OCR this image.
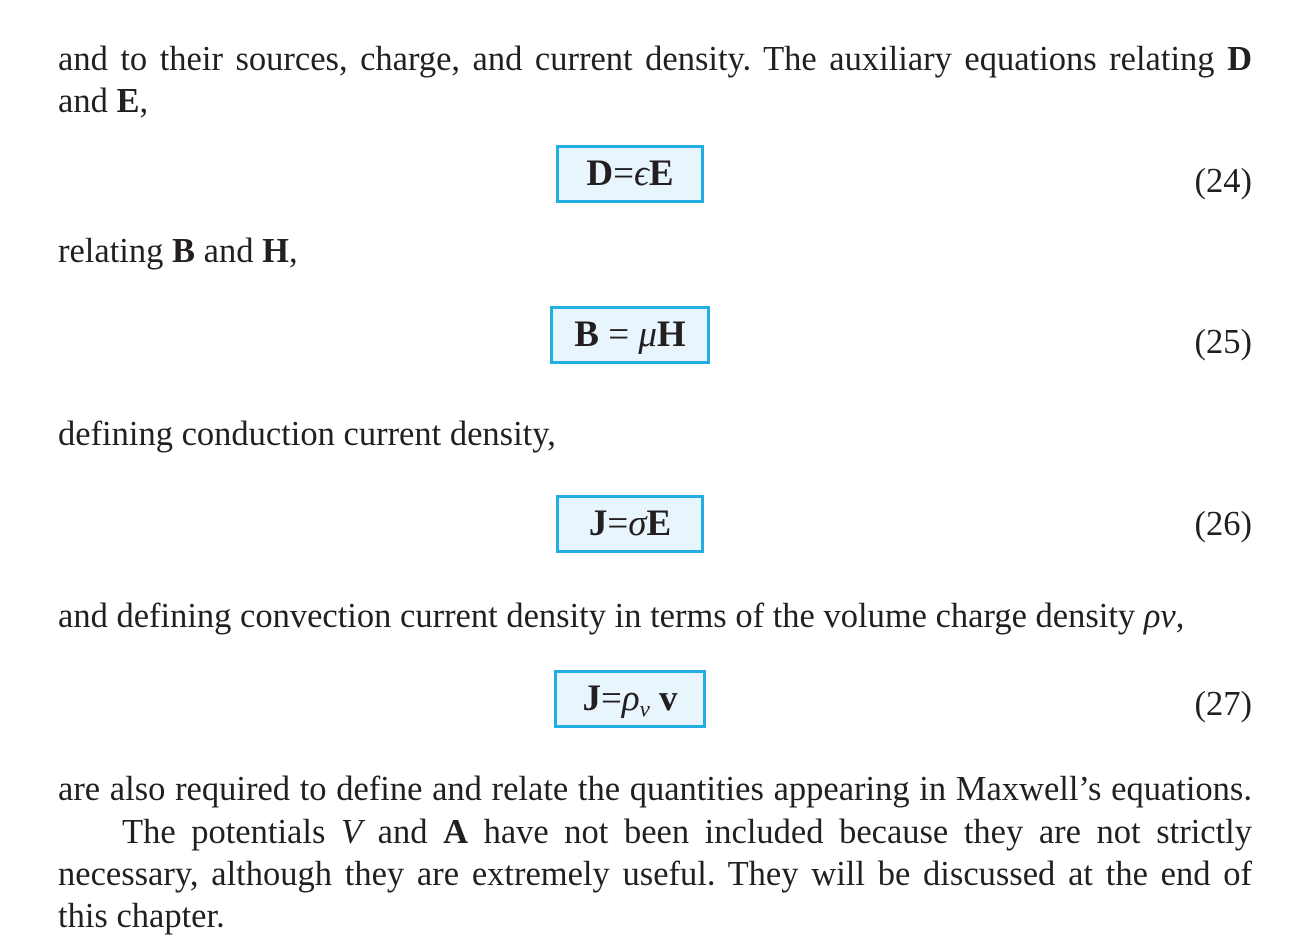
and to their sources, charge, and current density. The auxiliary equations relating D
and E,
D=ϵE	(24)
relating B and H,
B = μH	(25)
defining conduction current density,
J=σE	(26)
and defining convection current density in terms of the volume charge density ρv,
$J=\rho_v$ v	(27)
are also required to define and relate the quantities appearing in Maxwell’s equations.
The potentials V and A have not been included because they are not strictly
necessary, although they are extremely useful. They will be discussed at the end of
this chapter.
